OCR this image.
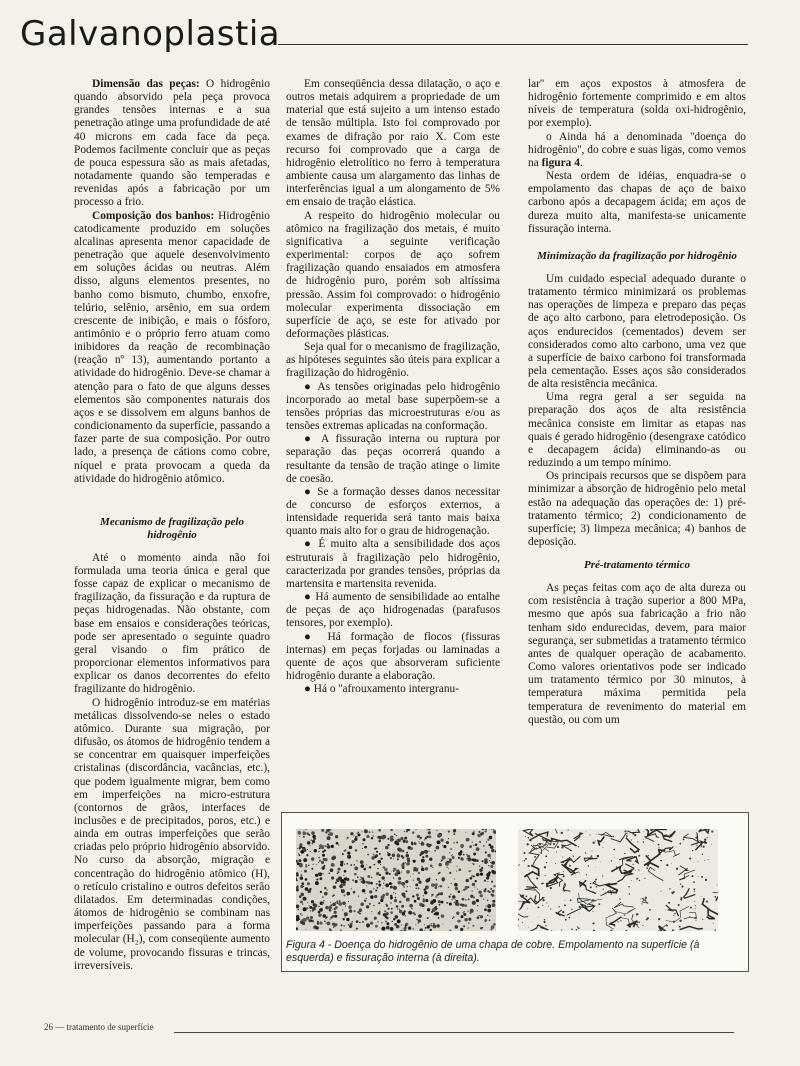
Galvanoplastia

Dimensão das peças: O hidrogênio quando absorvido pela peça provoca grandes tensões internas e a sua penetração atinge uma profundidade de até 40 microns em cada face da peça. Podemos facilmente concluir que as peças de pouca espessura são as mais afetadas, notadamente quando são temperadas e revenidas após a fabricação por um processo a frio.

Composição dos banhos: Hidrogênio catodicamente produzido em soluções alcalinas apresenta menor capacidade de penetração que aquele desenvolvimento em soluções ácidas ou neutras. Além disso, alguns elementos presentes, no banho como bismuto, chumbo, enxofre, telúrio, selênio, arsênio, em sua ordem crescente de inibição, e mais o fósforo, antimônio e o próprio ferro atuam como inibidores da reação de recombinação (reação nº 13), aumentando portanto a atividade do hidrogênio. Deve-se chamar a atenção para o fato de que alguns desses elementos são componentes naturais dos aços e se dissolvem em alguns banhos de condicionamento da superfície, passando a fazer parte de sua composição. Por outro lado, a presença de cátions como cobre, níquel e prata provocam a queda da atividade do hidrogênio atômico.

Mecanismo de fragilização pelo hidrogênio

Até o momento ainda não foi formulada uma teoria única e geral que fosse capaz de explicar o mecanismo de fragilização, da fissuração e da ruptura de peças hidrogenadas. Não obstante, com base em ensaios e considerações teóricas, pode ser apresentado o seguinte quadro geral visando o fim prático de proporcionar elementos informativos para explicar os danos decorrentes do efeito fragilizante do hidrogênio.

O hidrogênio introduz-se em matérias metálicas dissolvendo-se neles o estado atômico. Durante sua migração, por difusão, os átomos de hidrogênio tendem a se concentrar em quaisquer imperfeições cristalinas (discordância, vacâncias, etc.), que podem igualmente migrar, bem como em imperfeições na micro-estrutura (contornos de grãos, interfaces de inclusões e de precipitados, poros, etc.) e ainda em outras imperfeições que serão criadas pelo próprio hidrogênio absorvido. No curso da absorção, migração e concentração do hidrogênio atômico (H), o retículo cristalino e outros defeitos serão dilatados. Em determinadas condições, átomos de hidrogênio se combinam nas imperfeições passando para a forma molecular (H₂), com conseqüente aumento de volume, provocando fissuras e trincas, irreversíveis.

Em conseqüência dessa dilatação, o aço e outros metais adquirem a propriedade de um material que está sujeito a um intenso estado de tensão múltipla. Isto foi comprovado por exames de difração por raio X. Com este recurso foi comprovado que a carga de hidrogênio eletrolítico no ferro à temperatura ambiente causa um alargamento das linhas de interferências igual a um alongamento de 5% em ensaio de tração elástica.

A respeito do hidrogênio molecular ou atômico na fragilização dos metais, é muito significativa a seguinte verificação experimental: corpos de aço sofrem fragilização quando ensaiados em atmosfera de hidrogênio puro, porém sob altíssima pressão. Assim foi comprovado: o hidrogênio molecular experimenta dissociação em superfície de aço, se este for ativado por deformações plásticas.

Seja qual for o mecanismo de fragilização, as hipóteses seguintes são úteis para explicar a fragilização do hidrogênio.

● As tensões originadas pelo hidrogênio incorporado ao metal base superpõem-se a tensões próprias das microestruturas e/ou as tensões extremas aplicadas na conformação.

● A fissuração interna ou ruptura por separação das peças ocorrerá quando a resultante da tensão de tração atinge o limite de coesão.

● Se a formação desses danos necessitar de concurso de esforços externos, a intensidade requerida será tanto mais baixa quanto mais alto for o grau de hidrogenação.

● É muito alta a sensibilidade dos aços estruturais à fragilização pelo hidrogênio, caracterizada por grandes tensões, próprias da martensita e martensita revenida.

● Há aumento de sensibilidade ao entalhe de peças de aço hidrogenadas (parafusos tensores, por exemplo).

● Há formação de flocos (fissuras internas) em peças forjadas ou laminadas a quente de aços que absorveram suficiente hidrogênio durante a elaboração.

● Há o ''afrouxamento intergranu-

lar'' em aços expostos à atmosfera de hidrogênio fortemente comprimido e em altos níveis de temperatura (solda oxi-hidrogênio, por exemplo).

o Ainda há a denominada ''doença do hidrogênio'', do cobre e suas ligas, como vemos na figura 4.

Nesta ordem de idéias, enquadra-se o empolamento das chapas de aço de baixo carbono após a decapagem ácida; em aços de dureza muito alta, manifesta-se unicamente fissuração interna.

Minimização da fragilização por hidrogênio

Um cuidado especial adequado durante o tratamento térmico minimizará os problemas nas operações de limpeza e preparo das peças de aço alto carbono, para eletrodeposição. Os aços endurecidos (cementados) devem ser considerados como alto carbono, uma vez que a superfície de baixo carbono foi transformada pela cementação. Esses aços são considerados de alta resistência mecânica.

Uma regra geral a ser seguida na preparação dos aços de alta resistência mecânica consiste em limitar as etapas nas quais é gerado hidrogênio (desengraxe catódico e decapagem ácida) eliminando-as ou reduzindo a um tempo mínimo.

Os principais recursos que se dispõem para minimizar a absorção de hidrogênio pelo metal estão na adequação das operações de: 1) pré-tratamento térmico; 2) condicionamento de superfície; 3) limpeza mecânica; 4) banhos de deposição.

Pré-tratamento térmico

As peças feitas com aço de alta dureza ou com resistência à tração superior a 800 MPa, mesmo que após sua fabricação a frio não tenham sido endurecidas, devem, para maior segurança, ser submetidas a tratamento térmico antes de qualquer operação de acabamento. Como valores orientativos pode ser indicado um tratamento térmico por 30 minutos, à temperatura máxima permitida pela temperatura de revenimento do material em questão, ou com um

Figura 4 - Doença do hidrogênio de uma chapa de cobre. Empolamento na superfície (à esquerda) e fissuração interna (à direita).
26 — tratamento de superfície
